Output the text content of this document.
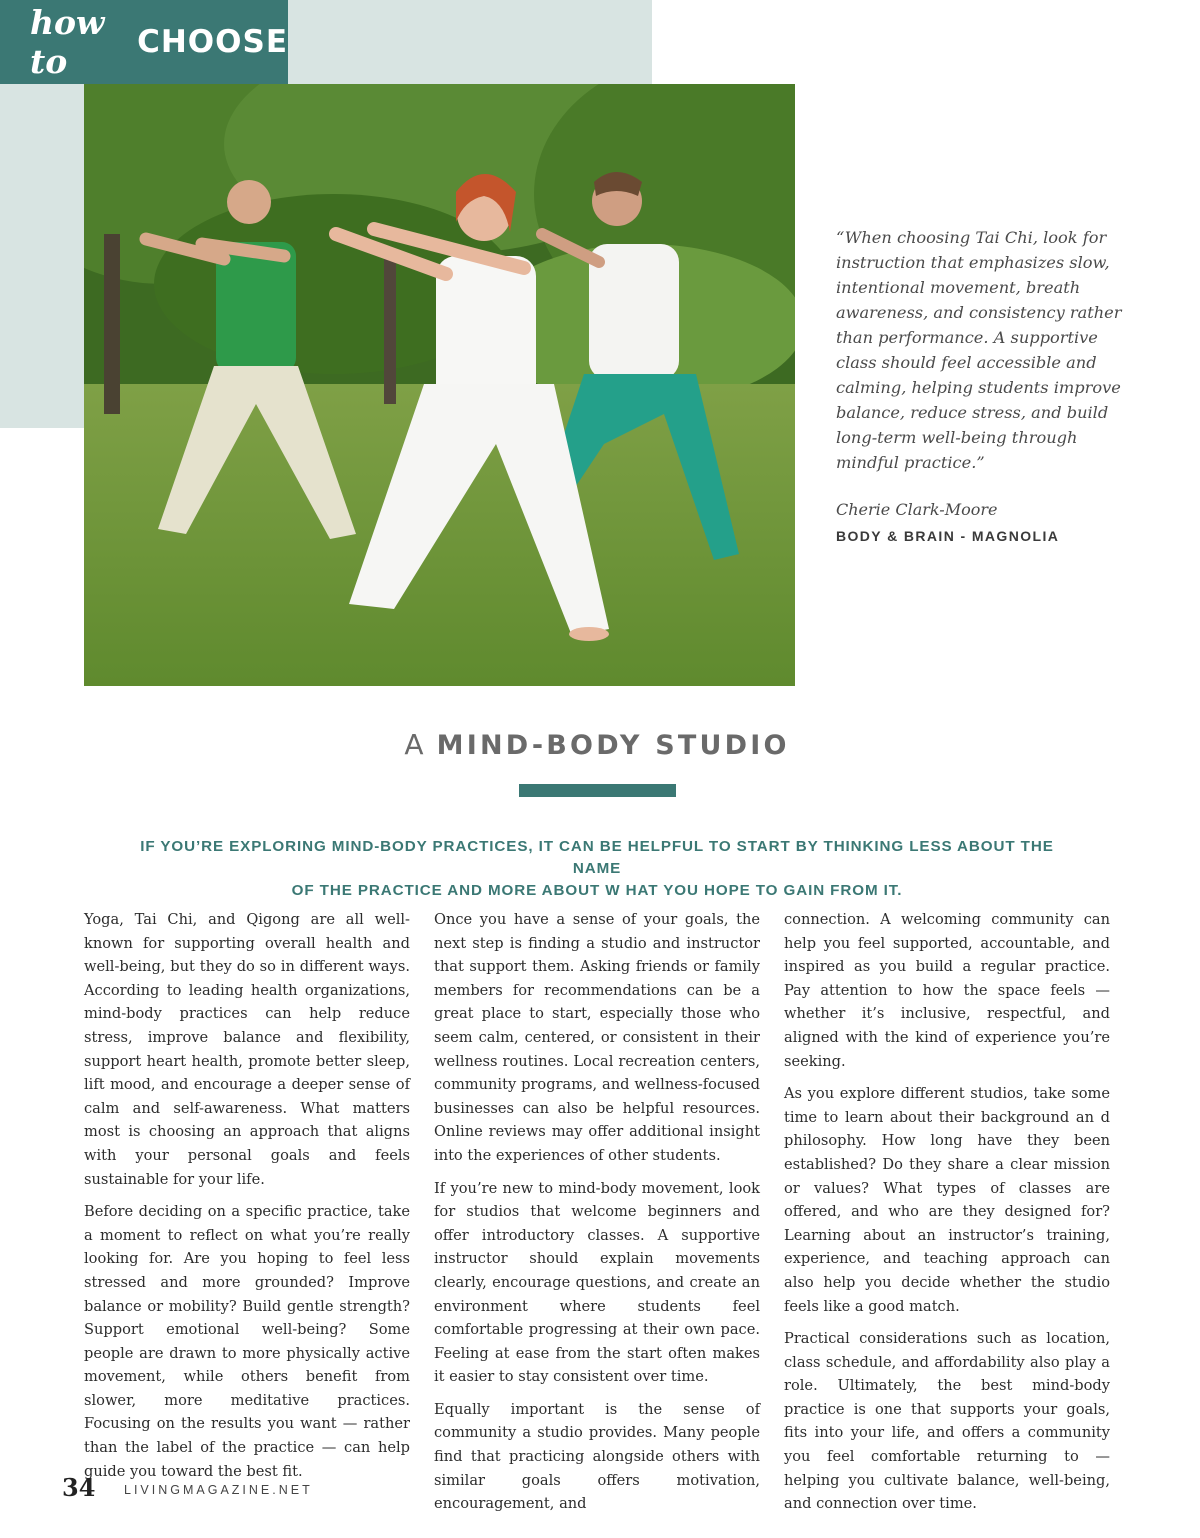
how to	CHOOSE
“When choosing Tai Chi, look for
instruction that emphasizes slow,
intentional movement, breath
awareness, and consistency rather
than performance. A supportive
class should feel accessible and
calming, helping students improve
balance, reduce stress, and build
long-term well-being through
mindful practice.”
Cherie Clark-Moore
BODY & BRAIN - MAGNOLIA
A MIND-BODY STUDIO
IF YOU’RE EXPLORING MIND-BODY PRACTICES, IT CAN BE HELPFUL TO START BY THINKING LESS ABOUT THE NAME
OF THE PRACTICE AND MORE ABOUT W HAT YOU HOPE TO GAIN FROM IT.

Yoga, Tai Chi, and Qigong are all well-known for supporting overall health and well-being, but they do so in different ways. According to leading health organizations, mind-body practices can help reduce stress, improve balance and flexibility, support heart health, promote better sleep, lift mood, and encourage a deeper sense of calm and self-awareness. What matters most is choosing an approach that aligns with your personal goals and feels sustainable for your life.

Before deciding on a specific practice, take a moment to reflect on what you’re really looking for. Are you hoping to feel less stressed and more grounded? Improve balance or mobility? Build gentle strength? Support emotional well-being? Some people are drawn to more physically active movement, while others benefit from slower, more meditative practices. Focusing on the results you want — rather than the label of the practice — can help guide you toward the best fit.

Once you have a sense of your goals, the next step is finding a studio and instructor that support them. Asking friends or family members for recommendations can be a great place to start, especially those who seem calm, centered, or consistent in their wellness routines. Local recreation centers, community programs, and wellness-focused businesses can also be helpful resources. Online reviews may offer additional insight into the experiences of other students.

If you’re new to mind-body movement, look for studios that welcome beginners and offer introductory classes. A supportive instructor should explain movements clearly, encourage questions, and create an environment where students feel comfortable progressing at their own pace. Feeling at ease from the start often makes it easier to stay consistent over time.

Equally important is the sense of community a studio provides. Many people find that practicing alongside others with similar goals offers motivation, encouragement, and

connection. A welcoming community can help you feel supported, accountable, and inspired as you build a regular practice. Pay attention to how the space feels — whether it’s inclusive, respectful, and aligned with the kind of experience you’re seeking.

As you explore different studios, take some time to learn about their background an d philosophy. How long have they been established? Do they share a clear mission or values? What types of classes are offered, and who are they designed for? Learning about an instructor’s training, experience, and teaching approach can also help you decide whether the studio feels like a good match.

Practical considerations such as location, class schedule, and affordability also play a role. Ultimately, the best mind-body practice is one that supports your goals, fits into your life, and offers a community you feel comfortable returning to — helping you cultivate balance, well-being, and connection over time.

34 LIVINGMAGAZINE.NET
